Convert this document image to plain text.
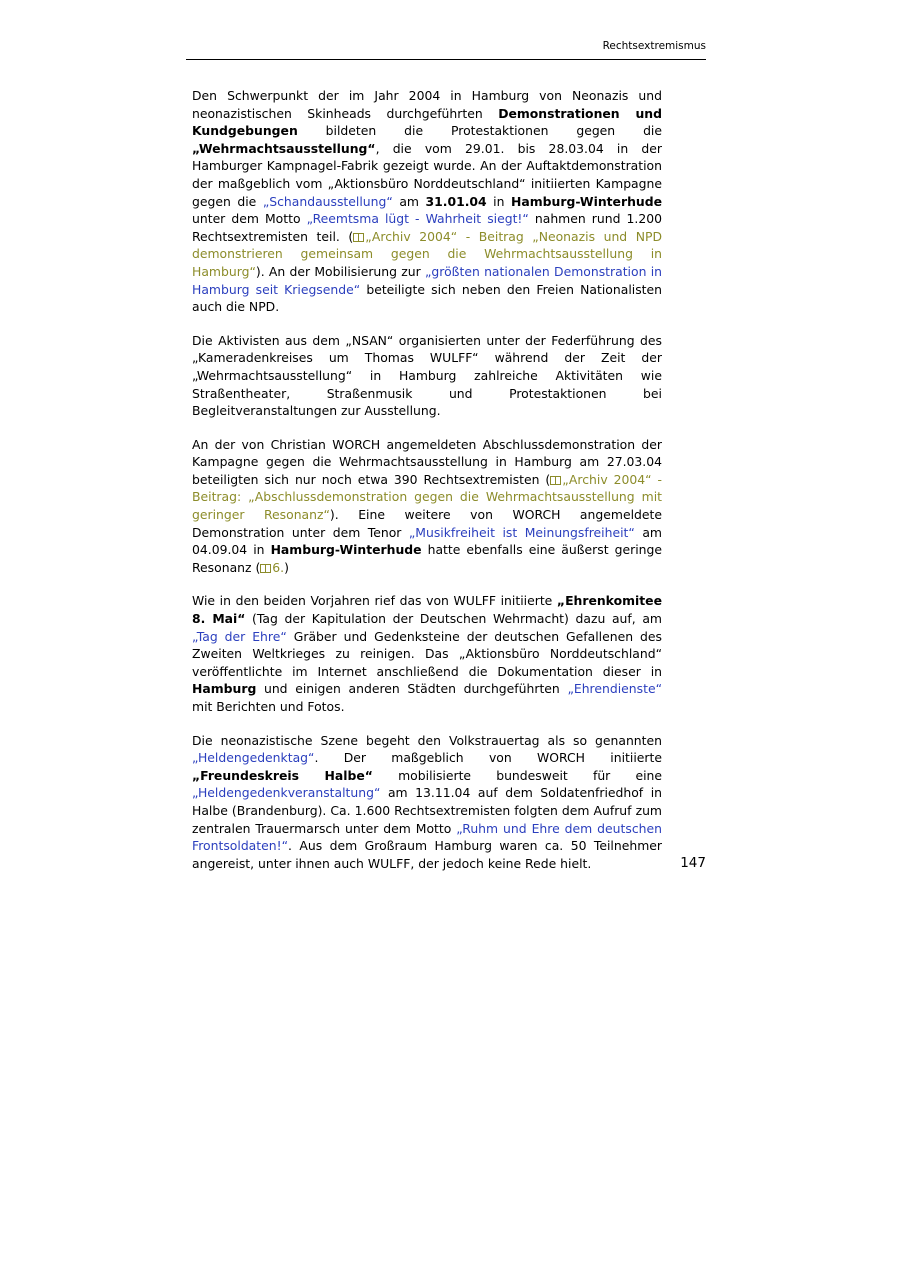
Rechtsextremismus

Den Schwerpunkt der im Jahr 2004 in Hamburg von Neonazis und neonazistischen Skinheads durchgeführten Demonstrationen und Kundgebungen bildeten die Protestaktionen gegen die „Wehrmachtsausstellung“, die vom 29.01. bis 28.03.04 in der Hamburger Kampnagel-Fabrik gezeigt wurde. An der Auftaktdemonstration der maßgeblich vom „Aktionsbüro Norddeutschland“ initiierten Kampagne gegen die „Schandausstellung“ am 31.01.04 in Hamburg-Winterhude unter dem Motto „Reemtsma lügt - Wahrheit siegt!“ nahmen rund 1.200 Rechtsextremisten teil. ( „Archiv 2004“ - Beitrag „Neonazis und NPD demonstrieren gemeinsam gegen die Wehrmachtsausstellung in Hamburg“). An der Mobilisierung zur „größten nationalen Demonstration in Hamburg seit Kriegsende“ beteiligte sich neben den Freien Nationalisten auch die NPD.

Die Aktivisten aus dem „NSAN“ organisierten unter der Federführung des „Kameradenkreises um Thomas WULFF“ während der Zeit der „Wehrmachtsausstellung“ in Hamburg zahlreiche Aktivitäten wie Straßentheater, Straßenmusik und Protestaktionen bei Begleitveranstaltungen zur Ausstellung.

An der von Christian WORCH angemeldeten Abschlussdemonstration der Kampagne gegen die Wehrmachtsausstellung in Hamburg am 27.03.04 beteiligten sich nur noch etwa 390 Rechtsextremisten ( „Archiv 2004“ - Beitrag: „Abschlussdemonstration gegen die Wehrmachtsausstellung mit geringer Resonanz“). Eine weitere von WORCH angemeldete Demonstration unter dem Tenor „Musikfreiheit ist Meinungsfreiheit“ am 04.09.04 in Hamburg-Winterhude hatte ebenfalls eine äußerst geringe Resonanz ( 6.)

Wie in den beiden Vorjahren rief das von WULFF initiierte „Ehrenkomitee 8. Mai“ (Tag der Kapitulation der Deutschen Wehrmacht) dazu auf, am „Tag der Ehre“ Gräber und Gedenksteine der deutschen Gefallenen des Zweiten Weltkrieges zu reinigen. Das „Aktionsbüro Norddeutschland“ veröffentlichte im Internet anschließend die Dokumentation dieser in Hamburg und einigen anderen Städten durchgeführten „Ehrendienste“ mit Berichten und Fotos.

Die neonazistische Szene begeht den Volkstrauertag als so genannten „Heldengedenktag“. Der maßgeblich von WORCH initiierte „Freundeskreis Halbe“ mobilisierte bundesweit für eine „Heldengedenkveranstaltung“ am 13.11.04 auf dem Soldatenfriedhof in Halbe (Brandenburg). Ca. 1.600 Rechtsextremisten folgten dem Aufruf zum zentralen Trauermarsch unter dem Motto „Ruhm und Ehre dem deutschen Frontsoldaten!“. Aus dem Großraum Hamburg waren ca. 50 Teilnehmer angereist, unter ihnen auch WULFF, der jedoch keine Rede hielt.	147
